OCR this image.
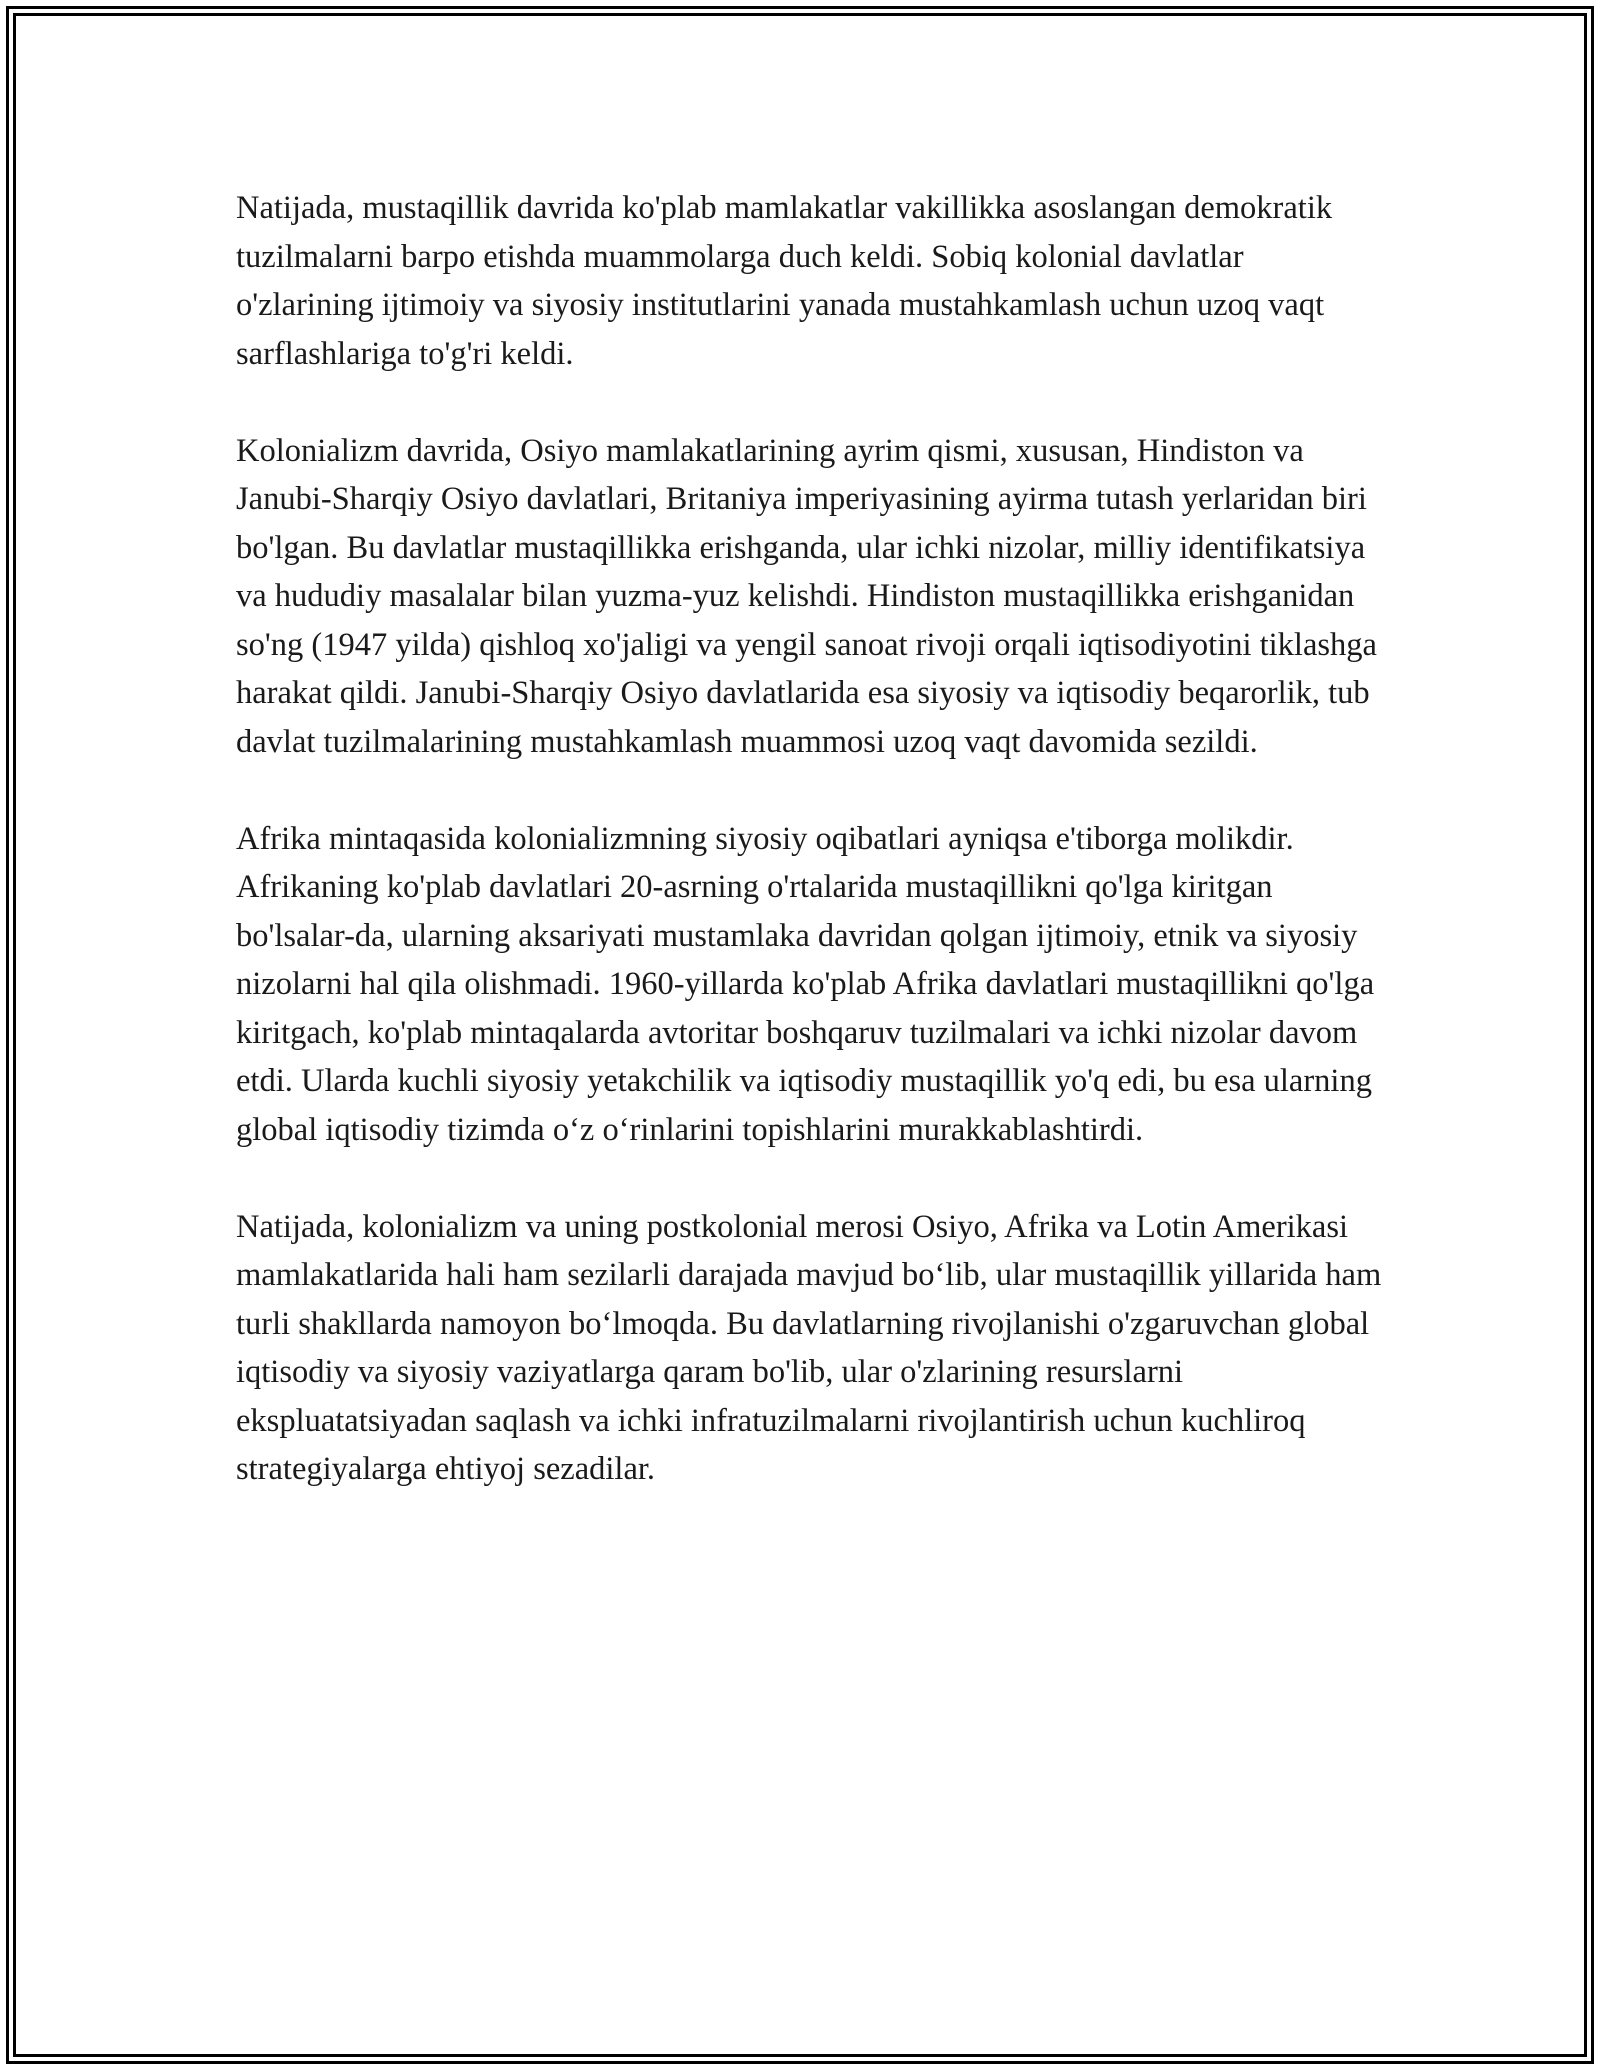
Natijada, mustaqillik davrida ko'plab mamlakatlar vakillikka asoslangan demokratik tuzilmalarni barpo etishda muammolarga duch keldi. Sobiq kolonial davlatlar o'zlarining ijtimoiy va siyosiy institutlarini yanada mustahkamlash uchun uzoq vaqt sarflashlariga to'g'ri keldi.

Kolonializm davrida, Osiyo mamlakatlarining ayrim qismi, xususan, Hindiston va Janubi-Sharqiy Osiyo davlatlari, Britaniya imperiyasining ayirma tutash yerlaridan biri bo'lgan. Bu davlatlar mustaqillikka erishganda, ular ichki nizolar, milliy identifikatsiya va hududiy masalalar bilan yuzma-yuz kelishdi. Hindiston mustaqillikka erishganidan so'ng (1947 yilda) qishloq xo'jaligi va yengil sanoat rivoji orqali iqtisodiyotini tiklashga harakat qildi. Janubi-Sharqiy Osiyo davlatlarida esa siyosiy va iqtisodiy beqarorlik, tub davlat tuzilmalarining mustahkamlash muammosi uzoq vaqt davomida sezildi.

Afrika mintaqasida kolonializmning siyosiy oqibatlari ayniqsa e'tiborga molikdir. Afrikaning ko'plab davlatlari 20-asrning o'rtalarida mustaqillikni qo'lga kiritgan bo'lsalar-da, ularning aksariyati mustamlaka davridan qolgan ijtimoiy, etnik va siyosiy nizolarni hal qila olishmadi. 1960-yillarda ko'plab Afrika davlatlari mustaqillikni qo'lga kiritgach, ko'plab mintaqalarda avtoritar boshqaruv tuzilmalari va ichki nizolar davom etdi. Ularda kuchli siyosiy yetakchilik va iqtisodiy mustaqillik yo'q edi, bu esa ularning global iqtisodiy tizimda o‘z o‘rinlarini topishlarini murakkablashtirdi.

Natijada, kolonializm va uning postkolonial merosi Osiyo, Afrika va Lotin Amerikasi mamlakatlarida hali ham sezilarli darajada mavjud bo‘lib, ular mustaqillik yillarida ham turli shakllarda namoyon bo‘lmoqda. Bu davlatlarning rivojlanishi o'zgaruvchan global iqtisodiy va siyosiy vaziyatlarga qaram bo'lib, ular o'zlarining resurslarni ekspluatatsiyadan saqlash va ichki infratuzilmalarni rivojlantirish uchun kuchliroq strategiyalarga ehtiyoj sezadilar.
